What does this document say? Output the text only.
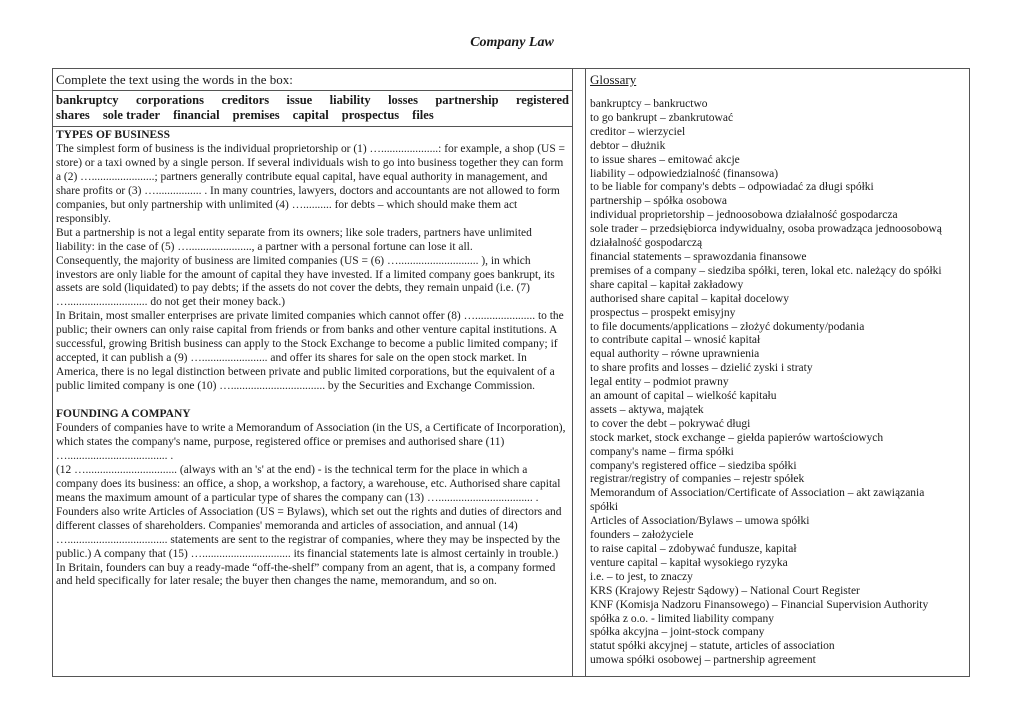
Company Law
Complete the text using the words in the box:
bankruptcy corporations creditors issue liability losses partnership registered
shares sole trader financial premises capital prospectus files
TYPES OF BUSINESS

The simplest form of business is the individual proprietorship or (1) …....................: for example, a shop (US = store) or a taxi owned by a single person. If several individuals wish to go into business together they can form a (2) …......................; partners generally contribute equal capital, have equal authority in management, and share profits or (3) …................ . In many countries, lawyers, doctors and accountants are not allowed to form companies, but only partnership with unlimited (4) ….......... for debts – which should make them act responsibly.

But a partnership is not a legal entity separate from its owners; like sole traders, partners have unlimited liability: in the case of (5) …......................, a partner with a personal fortune can lose it all.

Consequently, the majority of business are limited companies (US = (6) …............................ ), in which investors are only liable for the amount of capital they have invested. If a limited company goes bankrupt, its assets are sold (liquidated) to pay debts; if the assets do not cover the debts, they remain unpaid (i.e. (7) …............................ do not get their money back.)

In Britain, most smaller enterprises are private limited companies which cannot offer (8) …..................... to the public; their owners can only raise capital from friends or from banks and other venture capital institutions. A successful, growing British business can apply to the Stock Exchange to become a public limited company; if accepted, it can publish a (9) …....................... and offer its shares for sale on the open stock market. In America, there is no legal distinction between private and public limited corporations, but the equivalent of a public limited company is one (10) …................................. by the Securities and Exchange Commission.

FOUNDING A COMPANY

Founders of companies have to write a Memorandum of Association (in the US, a Certificate of Incorporation), which states the company's name, purpose, registered office or premises and authorised share (11) …................................... .

(12 …................................ (always with an 's' at the end) - is the technical term for the place in which a company does its business: an office, a shop, a workshop, a factory, a warehouse, etc. Authorised share capital means the maximum amount of a particular type of shares the company can (13) …................................. .

Founders also write Articles of Association (US = Bylaws), which set out the rights and duties of directors and different classes of shareholders. Companies' memoranda and articles of association, and annual (14) …................................... statements are sent to the registrar of companies, where they may be inspected by the public.) A company that (15) …............................... its financial statements late is almost certainly in trouble.) In Britain, founders can buy a ready-made “off-the-shelf” company from an agent, that is, a company formed and held specifically for later resale; the buyer then changes the name, memorandum, and so on.

Glossary
bankruptcy – bankructwo
to go bankrupt – zbankrutować
creditor – wierzyciel
debtor – dłużnik
to issue shares – emitować akcje
liability – odpowiedzialność (finansowa)
to be liable for company's debts – odpowiadać za długi spółki
partnership – spółka osobowa
individual proprietorship – jednoosobowa działalność gospodarcza
sole trader – przedsiębiorca indywidualny, osoba prowadząca jednoosobową
działalność gospodarczą
financial statements – sprawozdania finansowe
premises of a company – siedziba spółki, teren, lokal etc. należący do spółki
share capital – kapitał zakładowy
authorised share capital – kapitał docelowy
prospectus – prospekt emisyjny
to file documents/applications – złożyć dokumenty/podania
to contribute capital – wnosić kapitał
equal authority – równe uprawnienia
to share profits and losses – dzielić zyski i straty
legal entity – podmiot prawny
an amount of capital – wielkość kapitału
assets – aktywa, majątek
to cover the debt – pokrywać długi
stock market, stock exchange – giełda papierów wartościowych
company's name – firma spółki
company's registered office – siedziba spółki
registrar/registry of companies – rejestr spółek
Memorandum of Association/Certificate of Association – akt zawiązania
spółki
Articles of Association/Bylaws – umowa spółki
founders – założyciele
to raise capital – zdobywać fundusze, kapitał
venture capital – kapitał wysokiego ryzyka
i.e. – to jest, to znaczy
KRS (Krajowy Rejestr Sądowy) – National Court Register
KNF (Komisja Nadzoru Finansowego) – Financial Supervision Authority
spółka z o.o. - limited liability company
spółka akcyjna – joint-stock company
statut spółki akcyjnej – statute, articles of association
umowa spółki osobowej – partnership agreement
